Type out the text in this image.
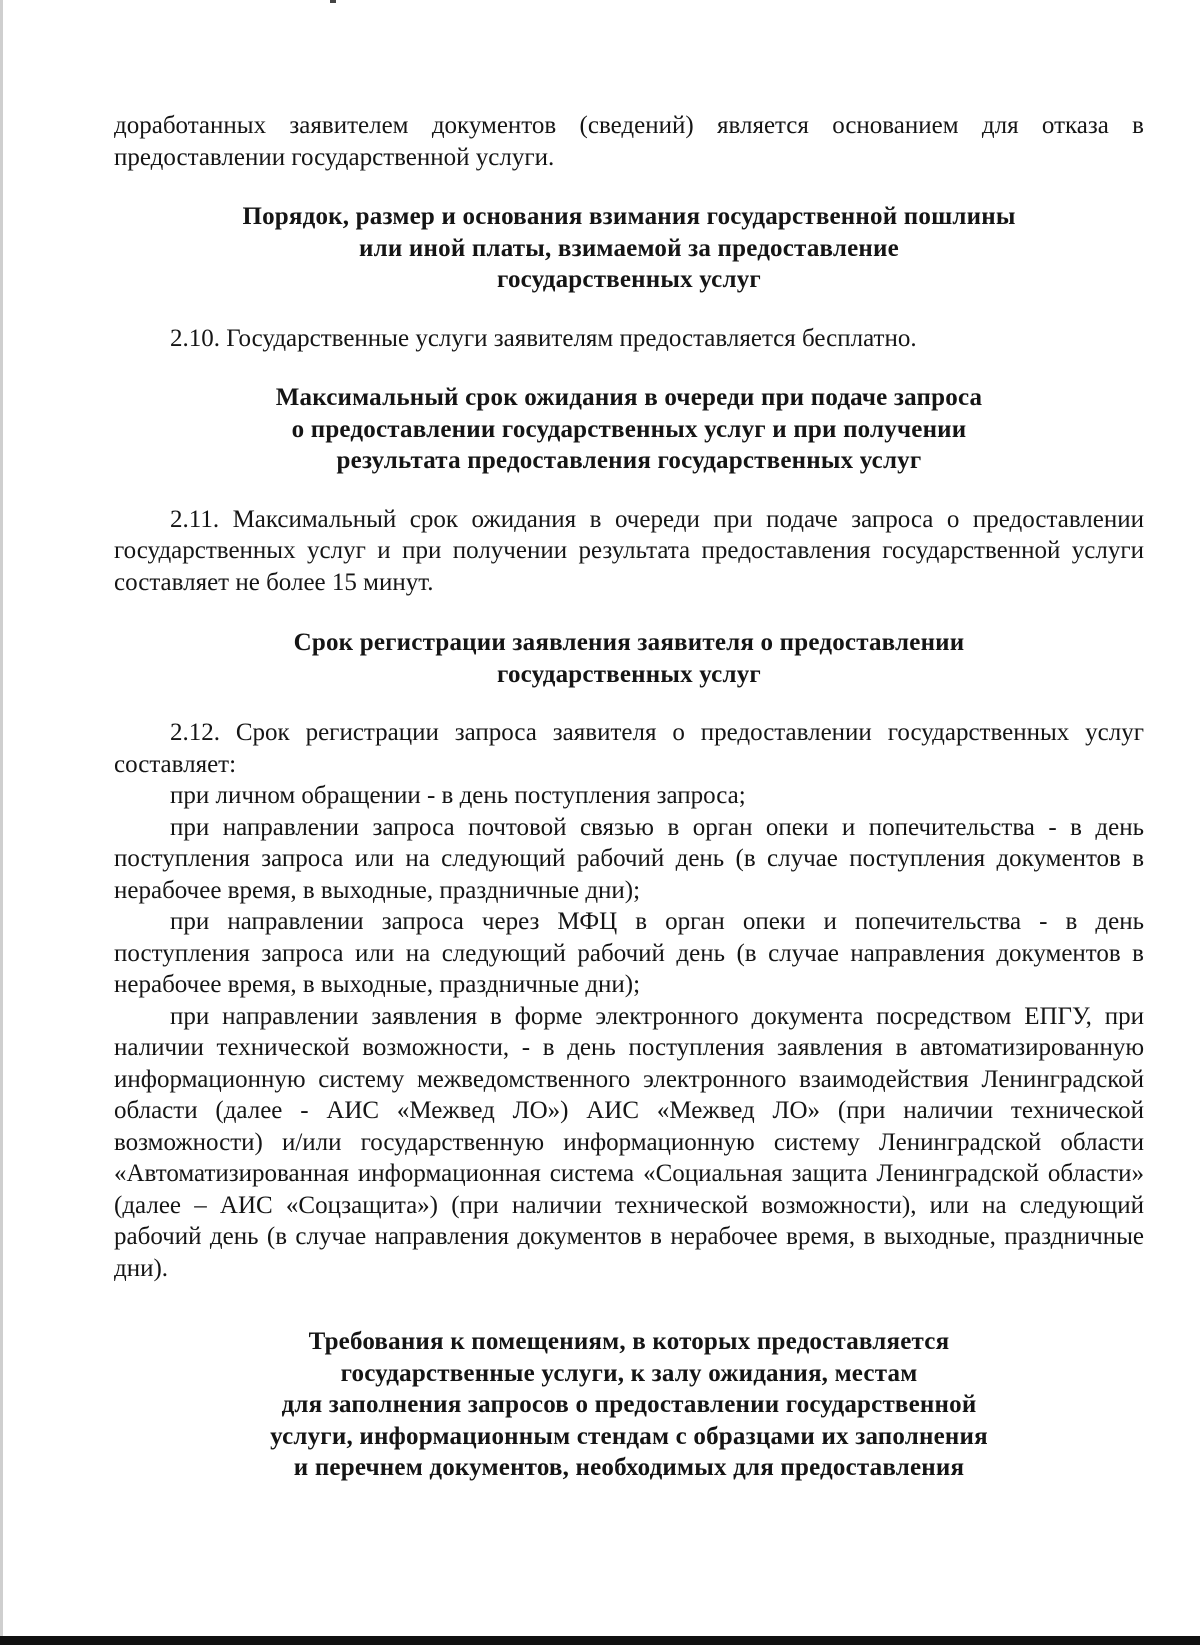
доработанных заявителем документов (сведений) является основанием для отказа в предоставлении государственной услуги.

Порядок, размер и основания взимания государственной пошлины
или иной платы, взимаемой за предоставление
государственных услуг

2.10. Государственные услуги заявителям предоставляется бесплатно.

Максимальный срок ожидания в очереди при подаче запроса
о предоставлении государственных услуг и при получении
результата предоставления государственных услуг

2.11. Максимальный срок ожидания в очереди при подаче запроса о предоставлении государственных услуг и при получении результата предоставления государственной услуги составляет не более 15 минут.

Срок регистрации заявления заявителя о предоставлении
государственных услуг

2.12. Срок регистрации запроса заявителя о предоставлении государственных услуг составляет:

при личном обращении - в день поступления запроса;

при направлении запроса почтовой связью в орган опеки и попечительства - в день поступления запроса или на следующий рабочий день (в случае поступления документов в нерабочее время, в выходные, праздничные дни);

при направлении запроса через МФЦ в орган опеки и попечительства - в день поступления запроса или на следующий рабочий день (в случае направления документов в нерабочее время, в выходные, праздничные дни);

при направлении заявления в форме электронного документа посредством ЕПГУ, при наличии технической возможности, - в день поступления заявления в автоматизированную информационную систему межведомственного электронного взаимодействия Ленинградской области (далее - АИС «Межвед ЛО») АИС «Межвед ЛО» (при наличии технической возможности) и/или государственную информационную систему Ленинградской области «Автоматизированная информационная система «Социальная защита Ленинградской области» (далее – АИС «Соцзащита») (при наличии технической возможности), или на следующий рабочий день (в случае направления документов в нерабочее время, в выходные, праздничные дни).

Требования к помещениям, в которых предоставляется
государственные услуги, к залу ожидания, местам
для заполнения запросов о предоставлении государственной
услуги, информационным стендам с образцами их заполнения
и перечнем документов, необходимых для предоставления
